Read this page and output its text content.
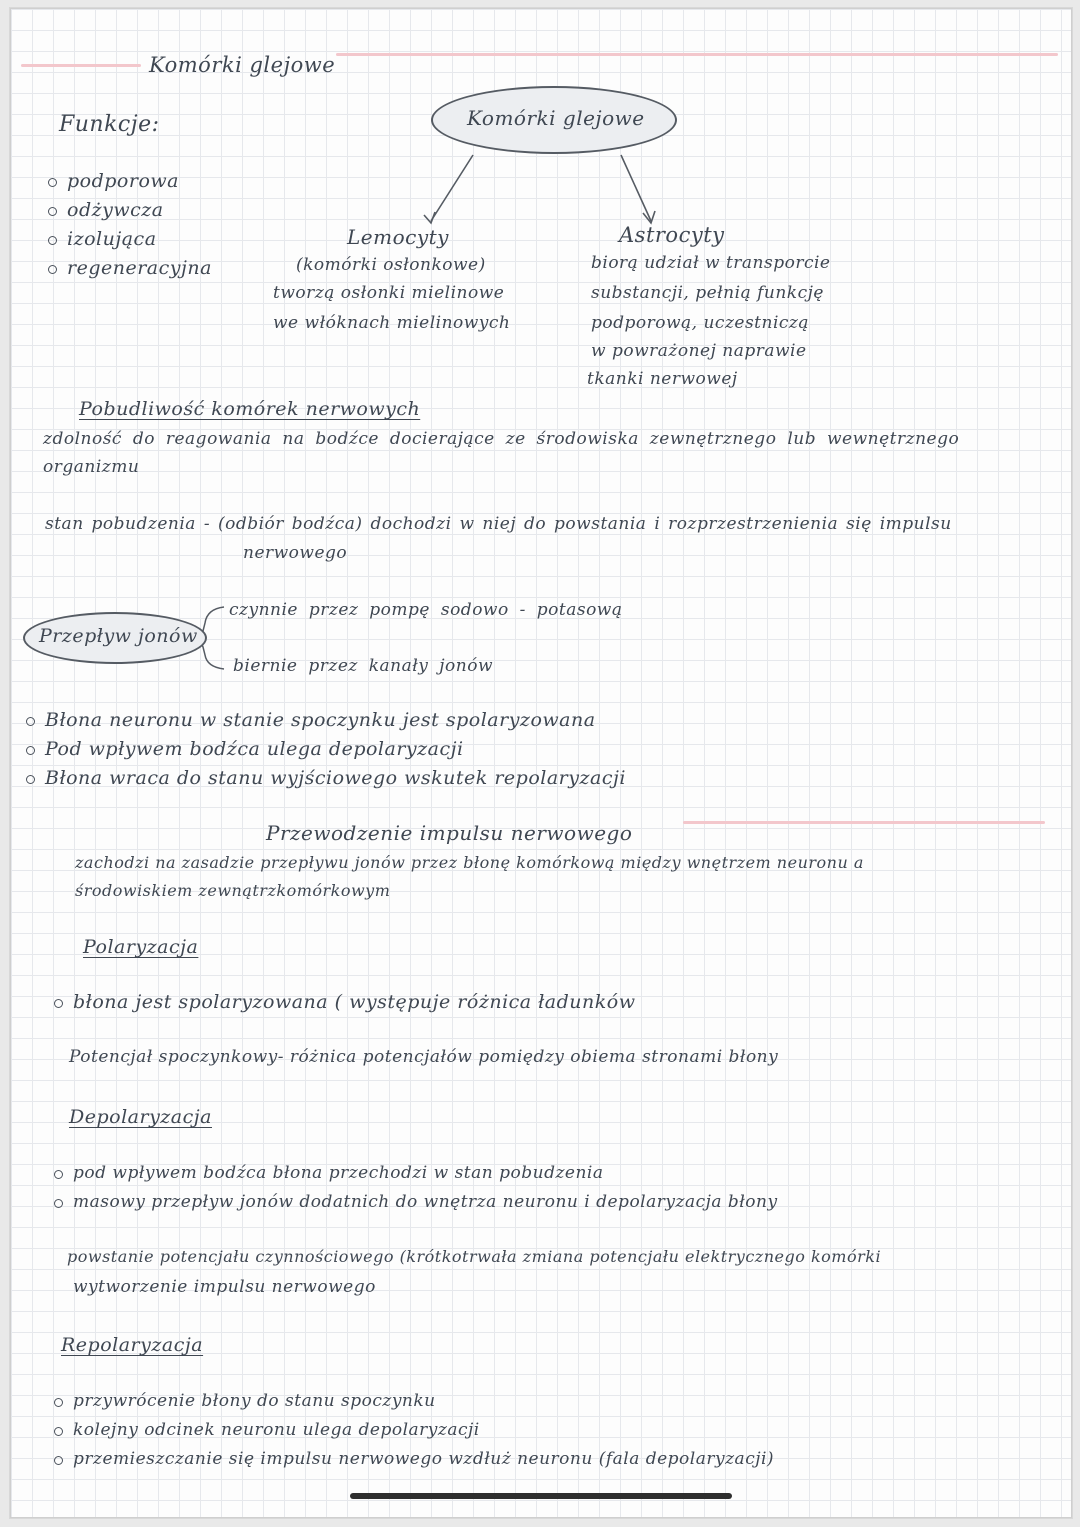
Komórki glejowe
Funkcje:
podporowa
odżywcza
izolująca
regeneracyjna
Komórki glejowe
Lemocyty
(komórki osłonkowe)
tworzą osłonki mielinowe
we włóknach mielinowych
Astrocyty
biorą udział w transporcie
substancji, pełnią funkcję
podporową, uczestniczą
w powrażonej naprawie
tkanki nerwowej
Pobudliwość komórek nerwowych
zdolność do reagowania na bodźce docierające ze środowiska zewnętrznego lub wewnętrznego
organizmu
stan pobudzenia - (odbiór bodźca) dochodzi w niej do powstania i rozprzestrzenienia się impulsu
nerwowego
Przepływ jonów
czynnie przez pompę sodowo - potasową
biernie przez kanały jonów
Błona neuronu w stanie spoczynku jest spolaryzowana
Pod wpływem bodźca ulega depolaryzacji
Błona wraca do stanu wyjściowego wskutek repolaryzacji
Przewodzenie impulsu nerwowego
zachodzi na zasadzie przepływu jonów przez błonę komórkową między wnętrzem neuronu a
środowiskiem zewnątrzkomórkowym
Polaryzacja
błona jest spolaryzowana ( występuje różnica ładunków
Potencjał spoczynkowy- różnica potencjałów pomiędzy obiema stronami błony
Depolaryzacja
pod wpływem bodźca błona przechodzi w stan pobudzenia
masowy przepływ jonów dodatnich do wnętrza neuronu i depolaryzacja błony
powstanie potencjału czynnościowego (krótkotrwała zmiana potencjału elektrycznego komórki
wytworzenie impulsu nerwowego
Repolaryzacja
przywrócenie błony do stanu spoczynku
kolejny odcinek neuronu ulega depolaryzacji
przemieszczanie się impulsu nerwowego wzdłuż neuronu (fala depolaryzacji)
